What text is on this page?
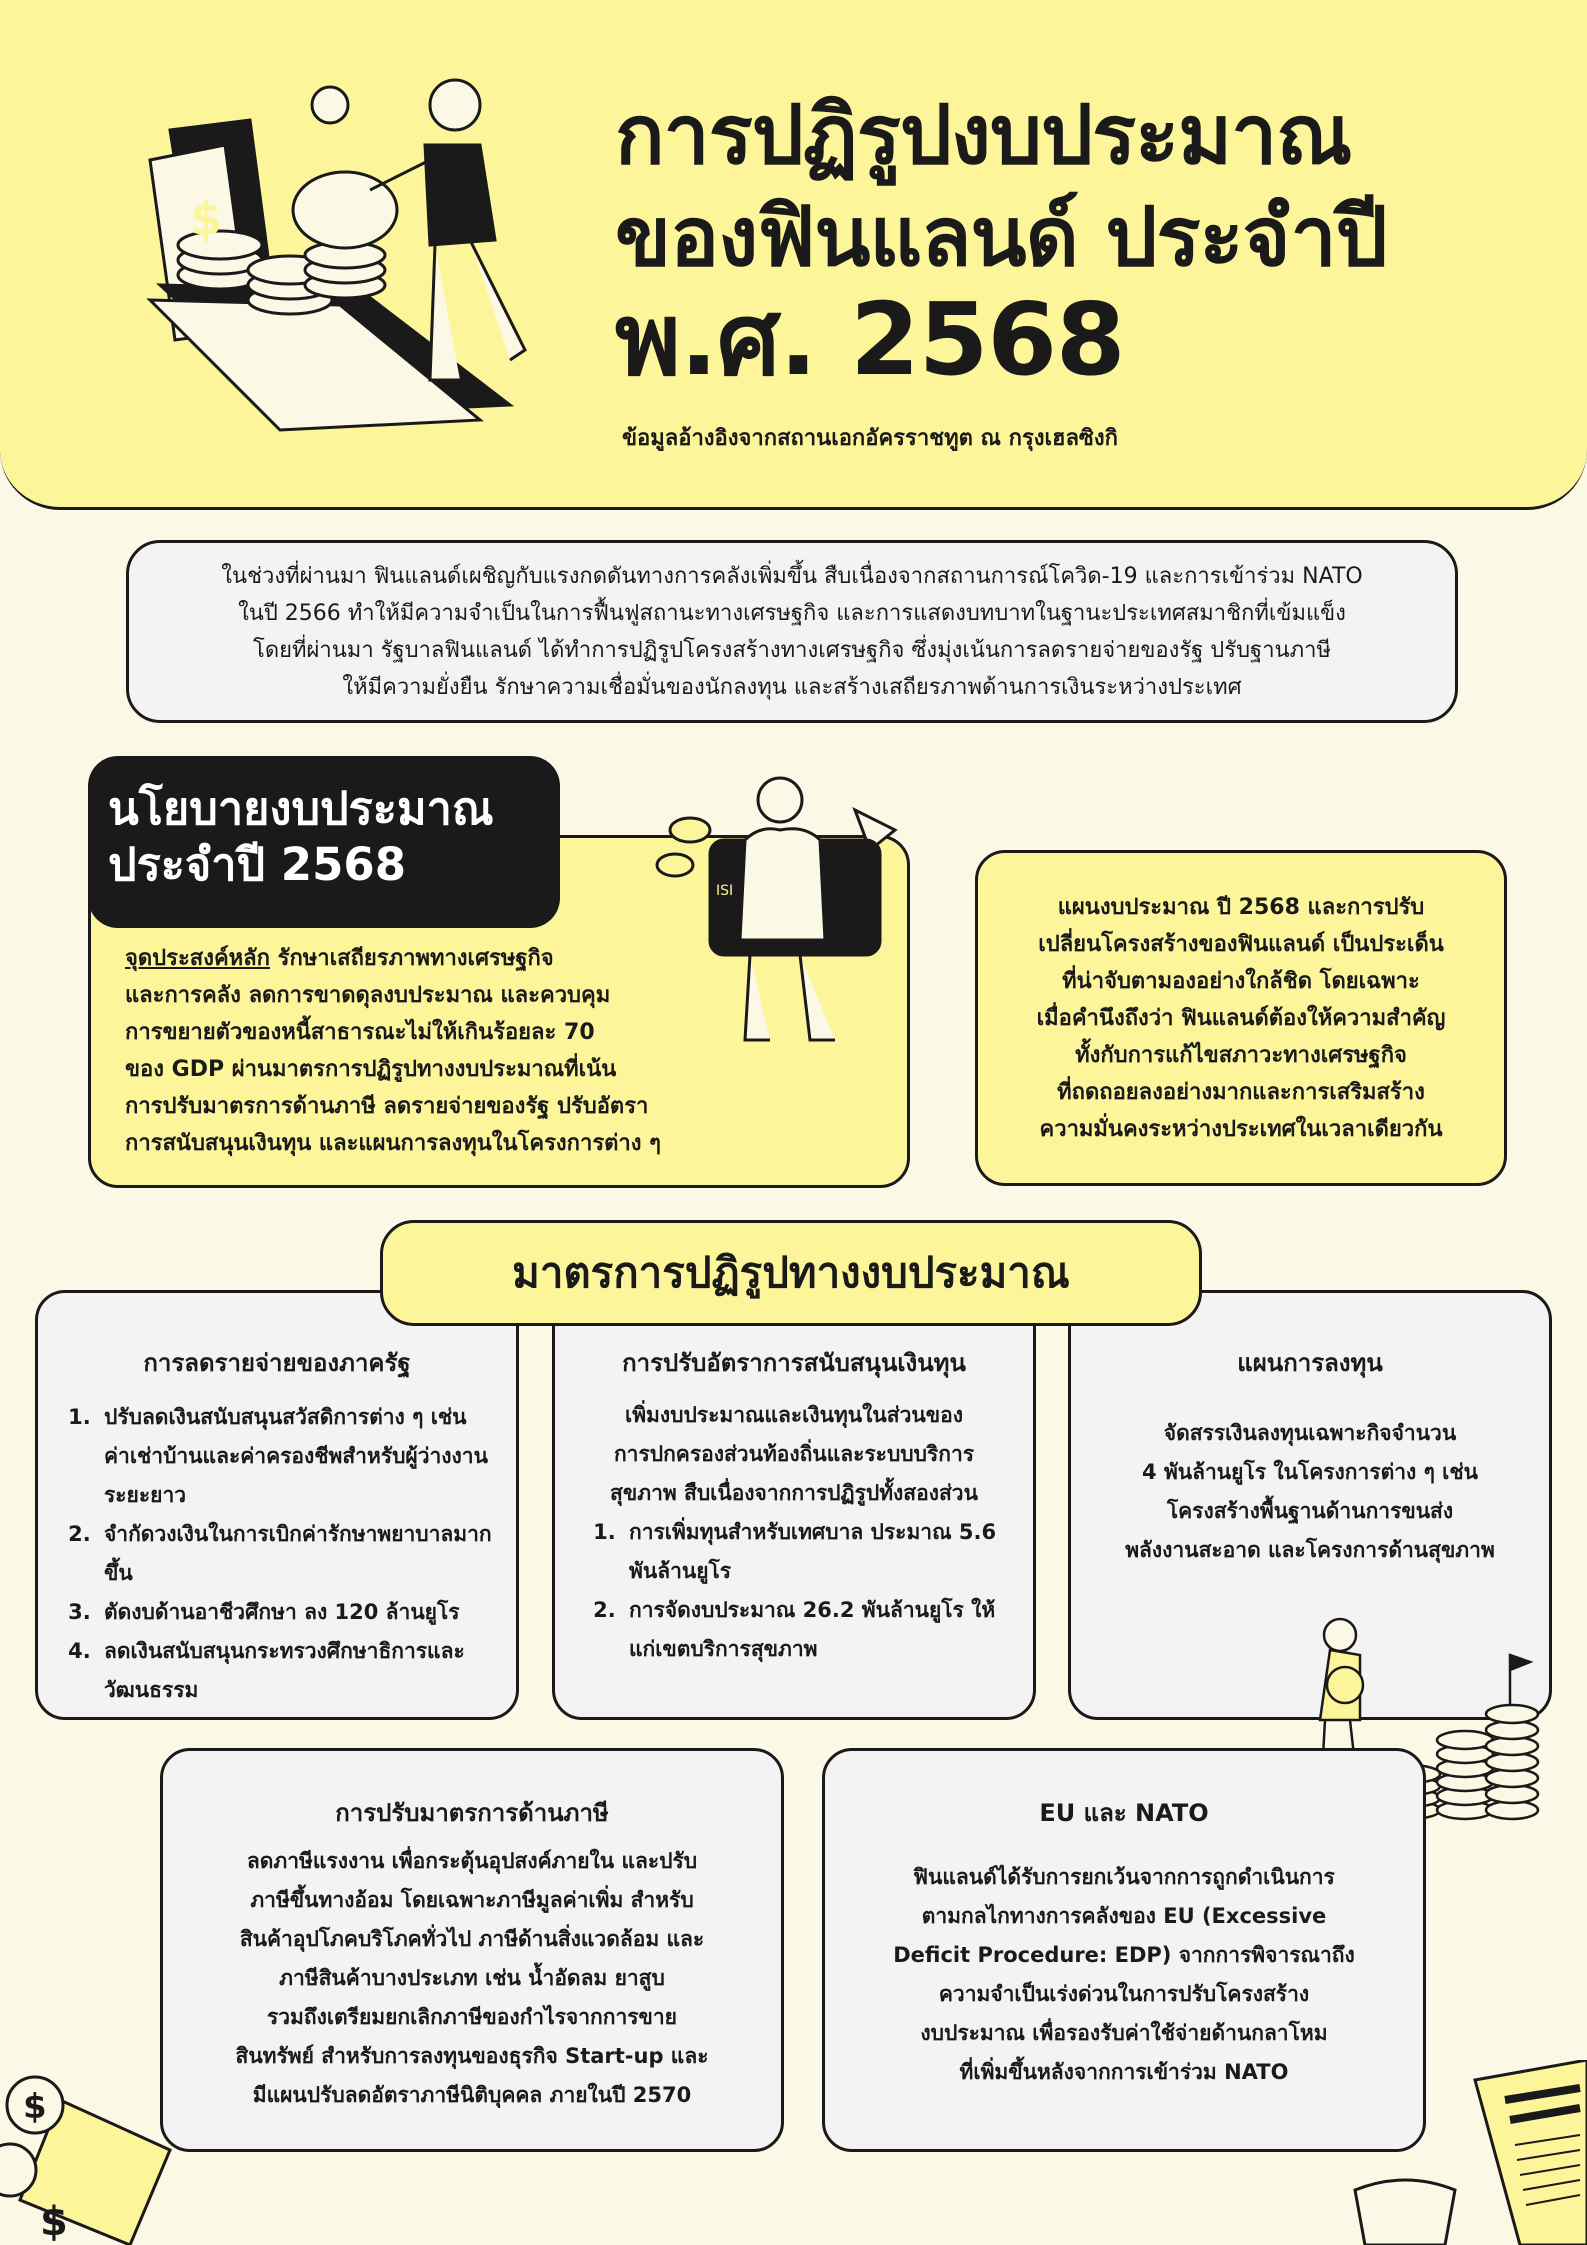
$
การปฏิรูปงบประมาณ
ของฟินแลนด์ ประจำปี
พ.ศ. 2568
ข้อมูลอ้างอิงจากสถานเอกอัครราชทูต ณ กรุงเฮลซิงกิ
ในช่วงที่ผ่านมา ฟินแลนด์เผชิญกับแรงกดดันทางการคลังเพิ่มขึ้น สืบเนื่องจากสถานการณ์โควิด-19 และการเข้าร่วม NATO
ในปี 2566 ทำให้มีความจำเป็นในการฟื้นฟูสถานะทางเศรษฐกิจ และการแสดงบทบาทในฐานะประเทศสมาชิกที่เข้มแข็ง
โดยที่ผ่านมา รัฐบาลฟินแลนด์ ได้ทำการปฏิรูปโครงสร้างทางเศรษฐกิจ ซึ่งมุ่งเน้นการลดรายจ่ายของรัฐ ปรับฐานภาษี
ให้มีความยั่งยืน รักษาความเชื่อมั่นของนักลงทุน และสร้างเสถียรภาพด้านการเงินระหว่างประเทศ
นโยบายงบประมาณ
ประจำปี 2568	ISI
จุดประสงค์หลัก รักษาเสถียรภาพทางเศรษฐกิจ
และการคลัง ลดการขาดดุลงบประมาณ และควบคุม
การขยายตัวของหนี้สาธารณะไม่ให้เกินร้อยละ 70
ของ GDP ผ่านมาตรการปฏิรูปทางงบประมาณที่เน้น
การปรับมาตรการด้านภาษี ลดรายจ่ายของรัฐ ปรับอัตรา
การสนับสนุนเงินทุน และแผนการลงทุนในโครงการต่าง ๆ
แผนงบประมาณ ปี 2568 และการปรับ
เปลี่ยนโครงสร้างของฟินแลนด์ เป็นประเด็น
ที่น่าจับตามองอย่างใกล้ชิด โดยเฉพาะ
เมื่อคำนึงถึงว่า ฟินแลนด์ต้องให้ความสำคัญ
ทั้งกับการแก้ไขสภาวะทางเศรษฐกิจ
ที่ถดถอยลงอย่างมากและการเสริมสร้าง
ความมั่นคงระหว่างประเทศในเวลาเดียวกัน
การลดรายจ่ายของภาครัฐ
1. ปรับลดเงินสนับสนุนสวัสดิการต่าง ๆ เช่น ค่าเช่าบ้านและค่าครองชีพสำหรับผู้ว่างงานระยะยาว
2. จำกัดวงเงินในการเบิกค่ารักษาพยาบาลมากขึ้น
3. ตัดงบด้านอาชีวศึกษา ลง 120 ล้านยูโร
4. ลดเงินสนับสนุนกระทรวงศึกษาธิการและวัฒนธรรม
การปรับอัตราการสนับสนุนเงินทุน
เพิ่มงบประมาณและเงินทุนในส่วนของ
การปกครองส่วนท้องถิ่นและระบบบริการ
สุขภาพ สืบเนื่องจากการปฏิรูปทั้งสองส่วน
1. การเพิ่มทุนสำหรับเทศบาล ประมาณ 5.6 พันล้านยูโร
2. การจัดงบประมาณ 26.2 พันล้านยูโร ให้แก่เขตบริการสุขภาพ
แผนการลงทุน
จัดสรรเงินลงทุนเฉพาะกิจจำนวน
4 พันล้านยูโร ในโครงการต่าง ๆ เช่น
โครงสร้างพื้นฐานด้านการขนส่ง
พลังงานสะอาด และโครงการด้านสุขภาพ
มาตรการปฏิรูปทางงบประมาณ
การปรับมาตรการด้านภาษี
ลดภาษีแรงงาน เพื่อกระตุ้นอุปสงค์ภายใน และปรับ
ภาษีขึ้นทางอ้อม โดยเฉพาะภาษีมูลค่าเพิ่ม สำหรับ
สินค้าอุปโภคบริโภคทั่วไป ภาษีด้านสิ่งแวดล้อม และ
ภาษีสินค้าบางประเภท เช่น น้ำอัดลม ยาสูบ
รวมถึงเตรียมยกเลิกภาษีของกำไรจากการขาย
สินทรัพย์ สำหรับการลงทุนของธุรกิจ Start-up และ
มีแผนปรับลดอัตราภาษีนิติบุคคล ภายในปี 2570
EU และ NATO
ฟินแลนด์ได้รับการยกเว้นจากการถูกดำเนินการ
ตามกลไกทางการคลังของ EU (Excessive
Deficit Procedure: EDP) จากการพิจารณาถึง
ความจำเป็นเร่งด่วนในการปรับโครงสร้าง
งบประมาณ เพื่อรองรับค่าใช้จ่ายด้านกลาโหม
ที่เพิ่มขึ้นหลังจากการเข้าร่วม NATO
$
$
